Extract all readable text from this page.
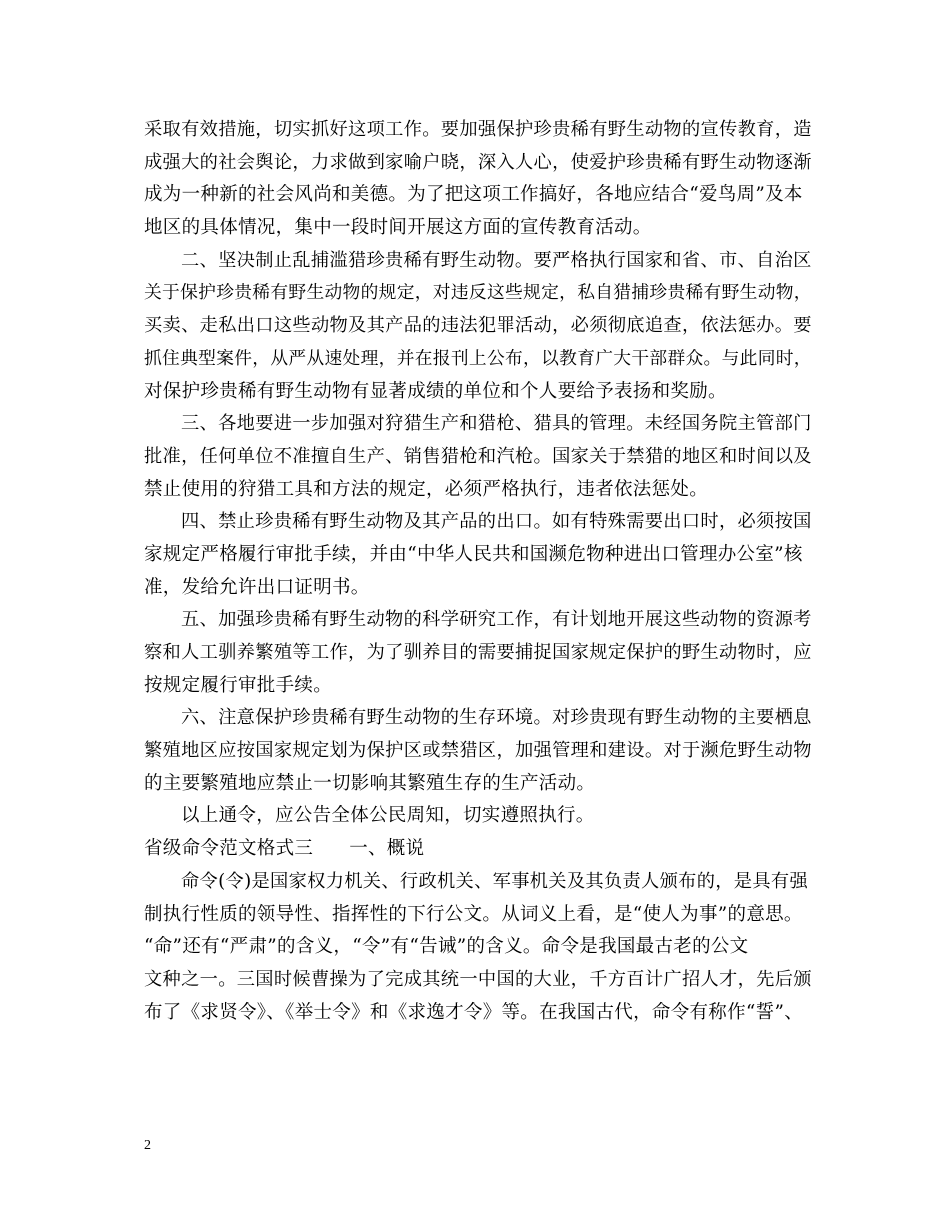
采取有效措施，切实抓好这项工作。要加强保护珍贵稀有野生动物的宣传教育，造
成强大的社会舆论，力求做到家喻户晓，深入人心，使爱护珍贵稀有野生动物逐渐
成为一种新的社会风尚和美德。为了把这项工作搞好，各地应结合“爱鸟周”及本
地区的具体情况，集中一段时间开展这方面的宣传教育活动。
二、坚决制止乱捕滥猎珍贵稀有野生动物。要严格执行国家和省、市、自治区
关于保护珍贵稀有野生动物的规定，对违反这些规定，私自猎捕珍贵稀有野生动物，
买卖、走私出口这些动物及其产品的违法犯罪活动，必须彻底追查，依法惩办。要
抓住典型案件，从严从速处理，并在报刊上公布，以教育广大干部群众。与此同时，
对保护珍贵稀有野生动物有显著成绩的单位和个人要给予表扬和奖励。
三、各地要进一步加强对狩猎生产和猎枪、猎具的管理。未经国务院主管部门
批准，任何单位不准擅自生产、销售猎枪和汽枪。国家关于禁猎的地区和时间以及
禁止使用的狩猎工具和方法的规定，必须严格执行，违者依法惩处。
四、禁止珍贵稀有野生动物及其产品的出口。如有特殊需要出口时，必须按国
家规定严格履行审批手续，并由“中华人民共和国濒危物种进出口管理办公室”核
准，发给允许出口证明书。
五、加强珍贵稀有野生动物的科学研究工作，有计划地开展这些动物的资源考
察和人工驯养繁殖等工作，为了驯养目的需要捕捉国家规定保护的野生动物时，应
按规定履行审批手续。
六、注意保护珍贵稀有野生动物的生存环境。对珍贵现有野生动物的主要栖息
繁殖地区应按国家规定划为保护区或禁猎区，加强管理和建设。对于濒危野生动物
的主要繁殖地应禁止一切影响其繁殖生存的生产活动。
以上通令，应公告全体公民周知，切实遵照执行。
省级命令范文格式三 一、概说
命令(令)是国家权力机关、行政机关、军事机关及其负责人颁布的，是具有强
制执行性质的领导性、指挥性的下行公文。从词义上看，是“使人为事”的意思。
“命”还有“严肃”的含义，“令”有“告诫”的含义。命令是我国最古老的公文
文种之一。三国时候曹操为了完成其统一中国的大业，千方百计广招人才，先后颁
布了《求贤令》、《举士令》和《求逸才令》等。在我国古代，命令有称作“誓”、
2
